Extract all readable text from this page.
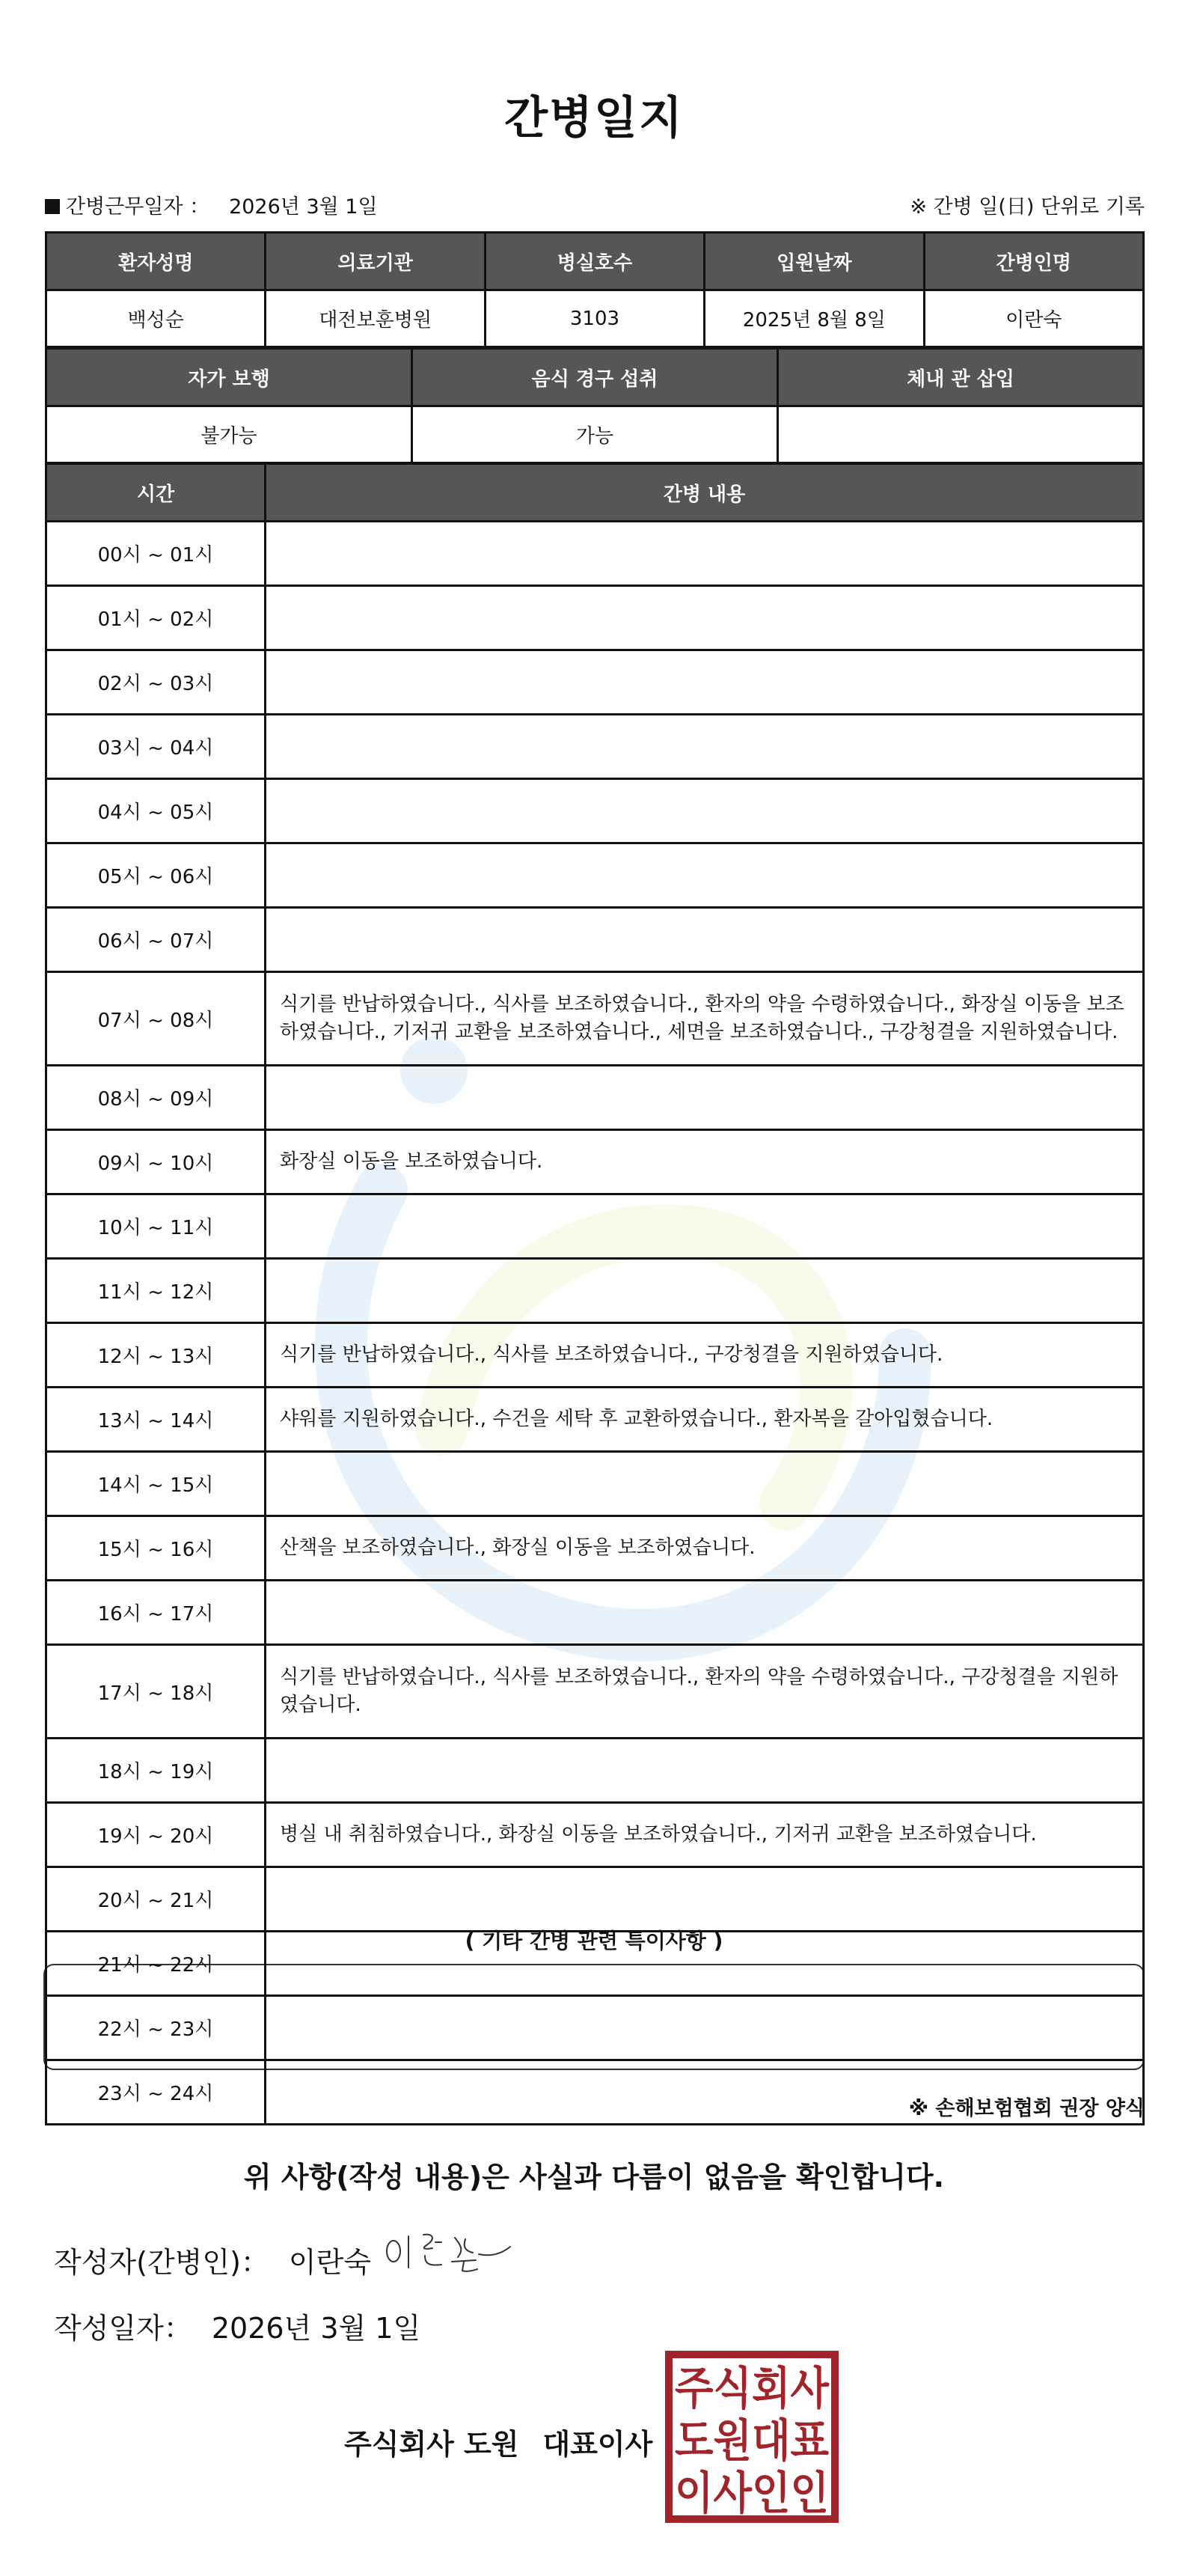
간병일지
간병근무일자 ： 2026년 3월 1일	※ 간병 일(日) 단위로 기록
환자성명	의료기관	병실호수	입원날짜	간병인명
백성순	대전보훈병원	3103	2025년 8월 8일	이란숙
자가 보행	음식 경구 섭취	체내 관 삽입
불가능	가능	
시간	간병 내용
00시 ~ 01시	
01시 ~ 02시	
02시 ~ 03시	
03시 ~ 04시	
04시 ~ 05시	
05시 ~ 06시	
06시 ~ 07시	
07시 ~ 08시	식기를 반납하였습니다., 식사를 보조하였습니다., 환자의 약을 수령하였습니다., 화장실 이동을 보조하였습니다., 기저귀 교환을 보조하였습니다., 세면을 보조하였습니다., 구강청결을 지원하였습니다.
08시 ~ 09시	
09시 ~ 10시	화장실 이동을 보조하였습니다.
10시 ~ 11시	
11시 ~ 12시	
12시 ~ 13시	식기를 반납하였습니다., 식사를 보조하였습니다., 구강청결을 지원하였습니다.
13시 ~ 14시	샤워를 지원하였습니다., 수건을 세탁 후 교환하였습니다., 환자복을 갈아입혔습니다.
14시 ~ 15시	
15시 ~ 16시	산책을 보조하였습니다., 화장실 이동을 보조하였습니다.
16시 ~ 17시	
17시 ~ 18시	식기를 반납하였습니다., 식사를 보조하였습니다., 환자의 약을 수령하였습니다., 구강청결을 지원하였습니다.
18시 ~ 19시	
19시 ~ 20시	병실 내 취침하였습니다., 화장실 이동을 보조하였습니다., 기저귀 교환을 보조하였습니다.
20시 ~ 21시	
21시 ~ 22시	
22시 ~ 23시	
23시 ~ 24시	
( 기타 간병 관련 특이사항 )
※ 손해보험협회 권장 양식
위 사항(작성 내용)은 사실과 다름이 없음을 확인합니다.
작성자(간병인)： 이란숙
작성일자： 2026년 3월 1일
주식회사 도원 대표이사
주식회사
도원대표
이사인인
